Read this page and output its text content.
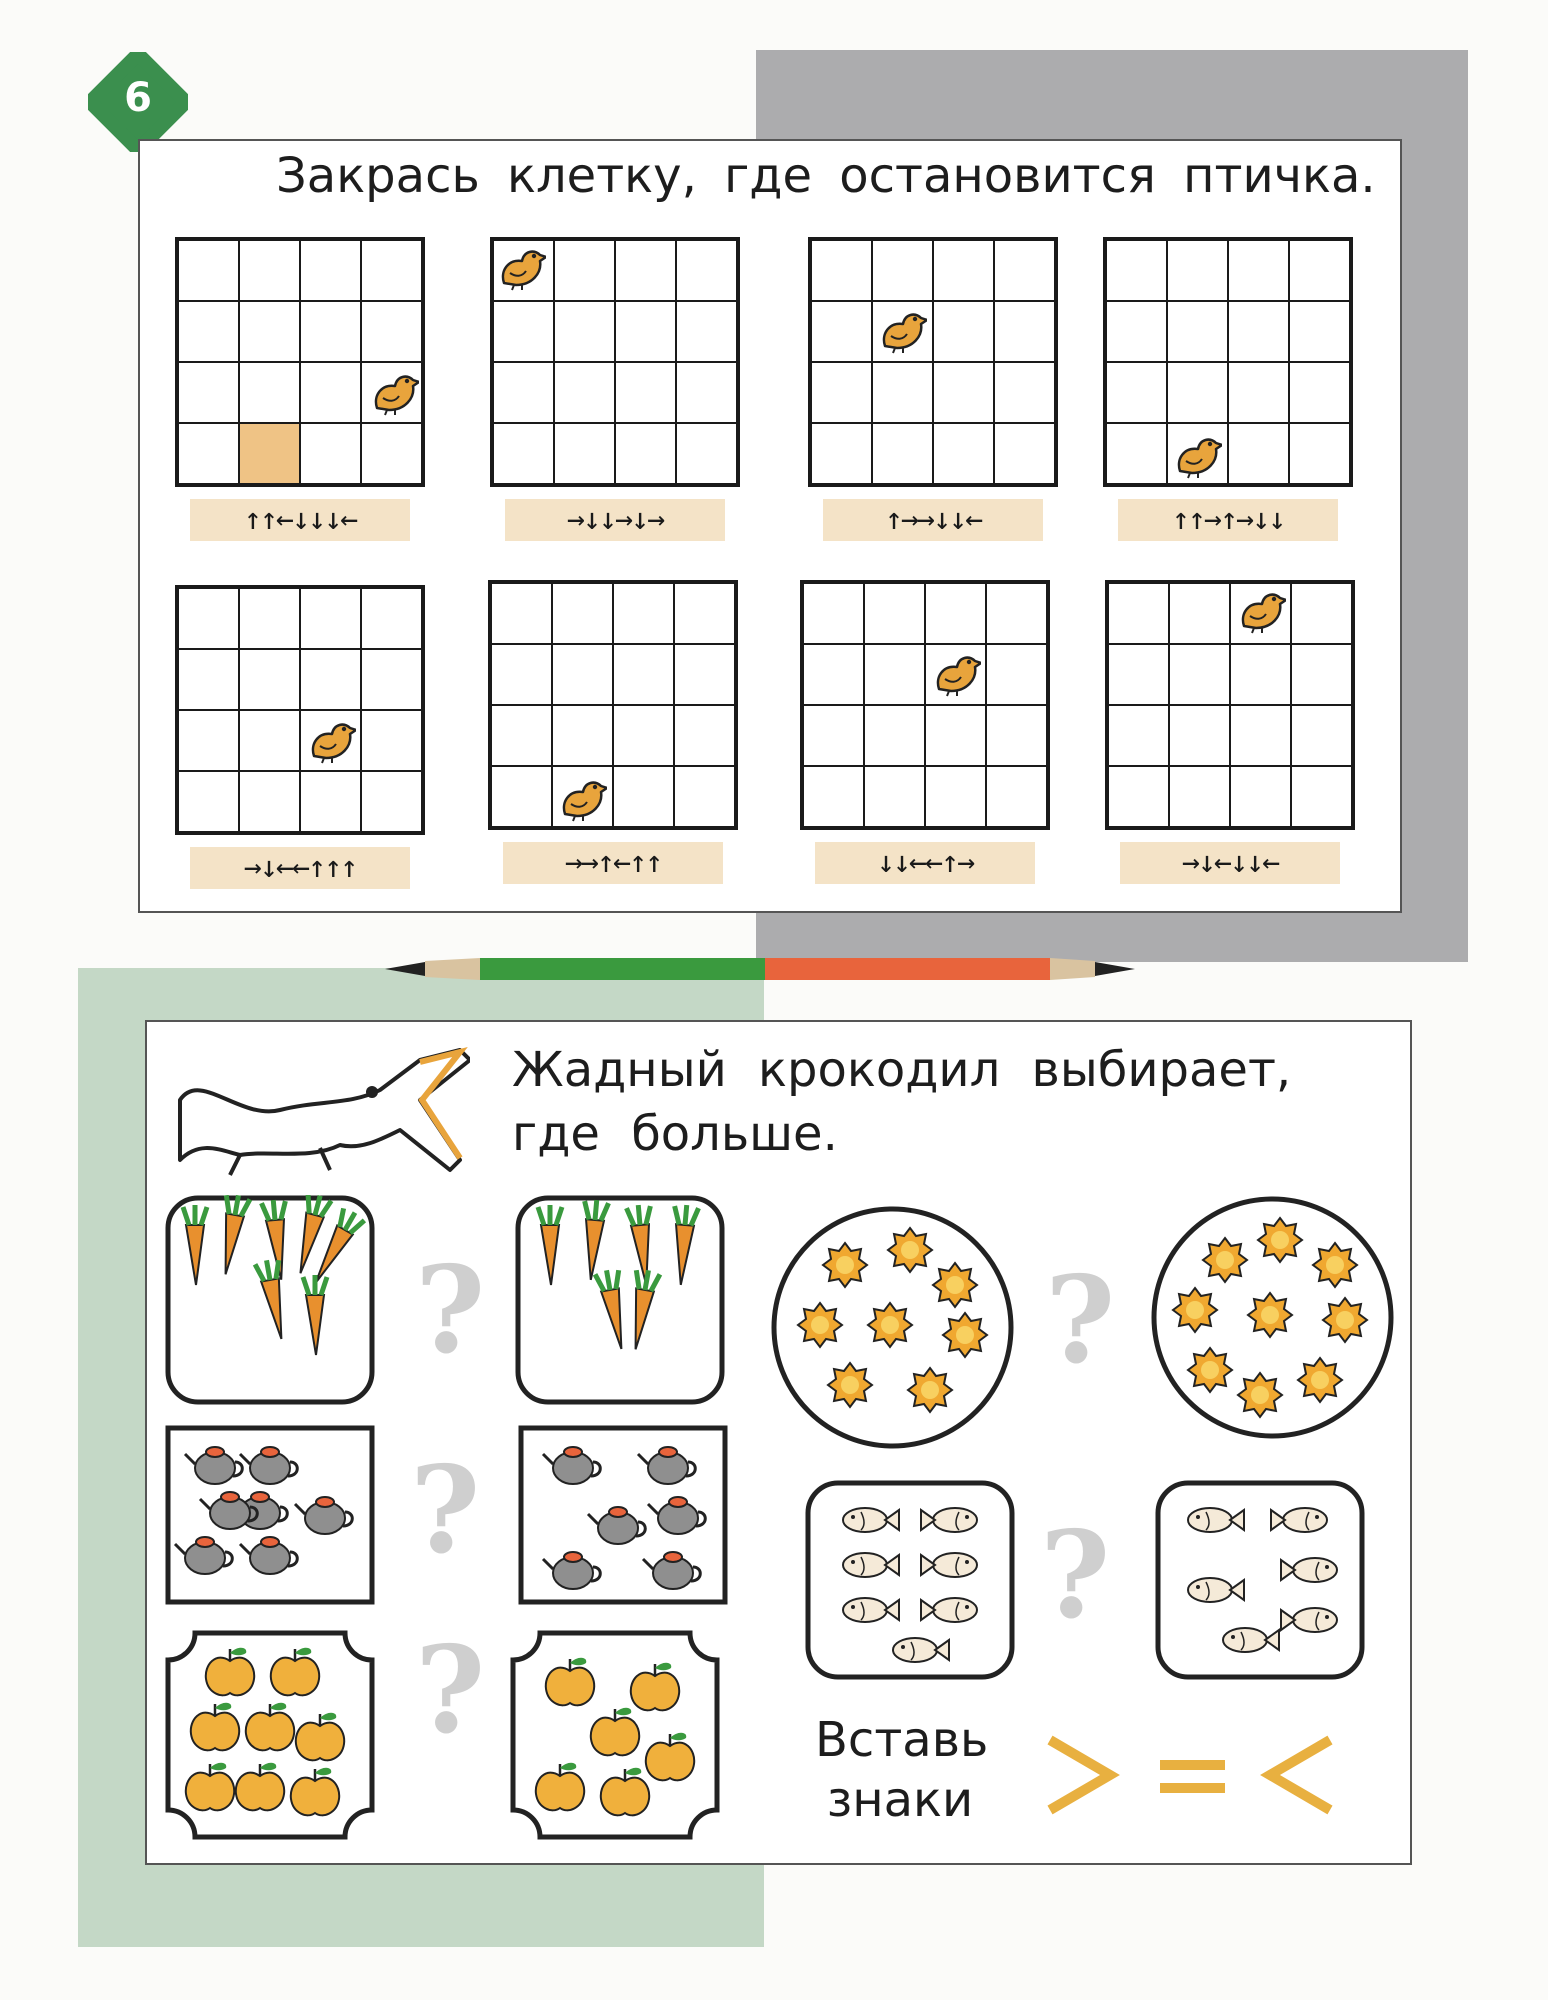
6
Закрась клетку, где остановится птичка.
↑↑←↓↓↓←	→↓↓→↓→	↑→→↓↓←	↑↑→↑→↓↓
→↓←←↑↑↑	→→↑←↑↑	↓↓←←↑→	→↓←↓↓←
Жадный крокодил выбирает,
где больше.
?
?
?
?
?
Вставь
знаки
